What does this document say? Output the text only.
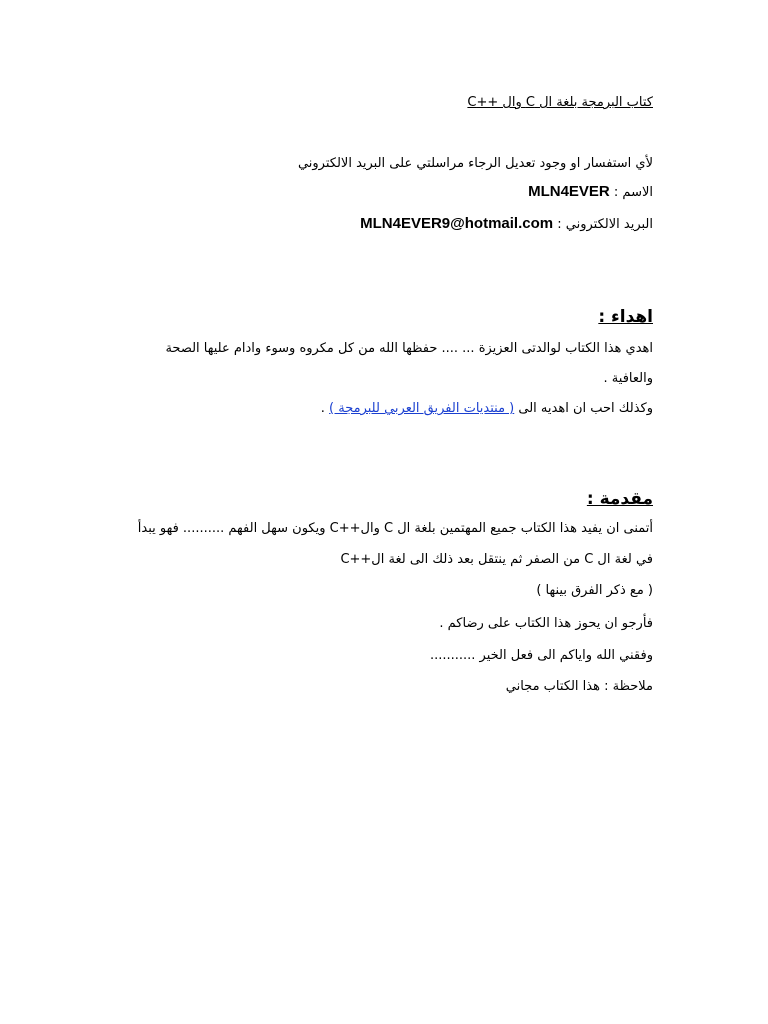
كتاب البرمجة بلغة ال C وال ++C
لأي استفسار او وجود تعديل الرجاء مراسلتي على البريد الالكتروني
الاسم : MLN4EVER
البريد الالكتروني : MLN4EVER9@hotmail.com
اهداء :
اهدي هذا الكتاب لوالدتى العزيزة ... .... حفظها الله من كل مكروه وسوء وادام عليها الصحة
والعافية .
وكذلك احب ان اهديه الى ( منتديات الفريق العربي للبرمجة ) .
مقدمة :
أتمنى ان يفيد هذا الكتاب جميع المهتمين بلغة ال C وال++C ويكون سهل الفهم .......... فهو يبدأ
في لغة ال C من الصفر ثم ينتقل بعد ذلك الى لغة ال++C
( مع ذكر الفرق بينها )
فأرجو ان يحوز هذا الكتاب على رضاكم .
وفقني الله واياكم الى فعل الخير ...........
ملاحظة : هذا الكتاب مجاني
